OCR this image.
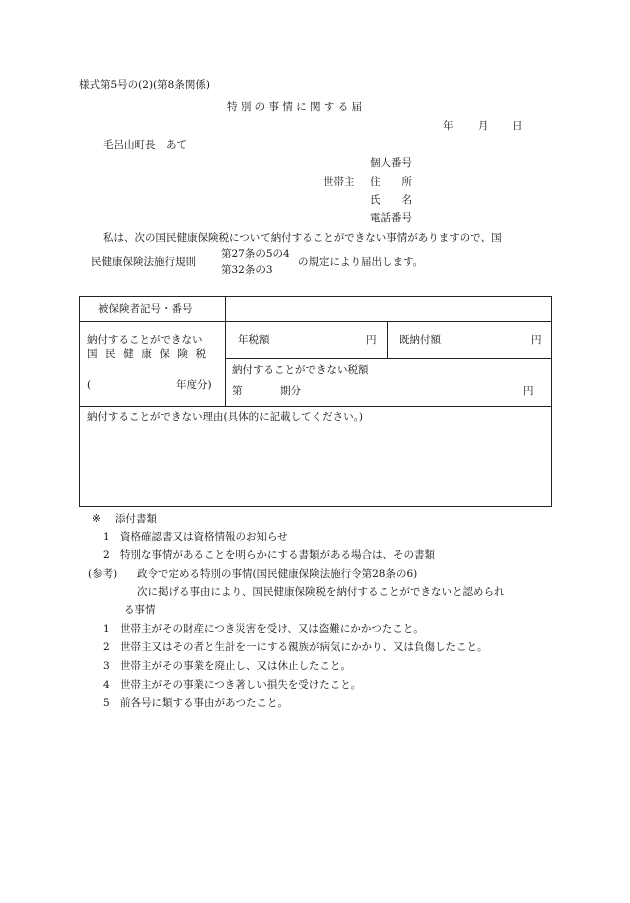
様式第5号の(2)(第8条関係)
特 別 の 事 情 に 関 す る 届
年 月 日
毛呂山町長　あて
個人番号
世帯主 住　　所
氏　　名
電話番号
私は、次の国民健康保険税について納付することができない事情がありますので、国
民健康保険法施行規則
第27条の5の4
第32条の3
の規定により届出します。
被保険者記号・番号
納付することができない
国民健康保険税
(	年度分)
年税額	円 既納付額	円
納付することができない税額
第	期分	円
納付することができない理由(具体的に記載してください。)
※ 添付書類
1 資格確認書又は資格情報のお知らせ
2 特別な事情があることを明らかにする書類がある場合は、その書類
(参考) 政令で定める特別の事情(国民健康保険法施行令第28条の6)
次に掲げる事由により、国民健康保険税を納付することができないと認められ
る事情
1 世帯主がその財産につき災害を受け、又は盗難にかかつたこと。
2 世帯主又はその者と生計を一にする親族が病気にかかり、又は負傷したこと。
3 世帯主がその事業を廃止し、又は休止したこと。
4 世帯主がその事業につき著しい損失を受けたこと。
5 前各号に類する事由があつたこと。
